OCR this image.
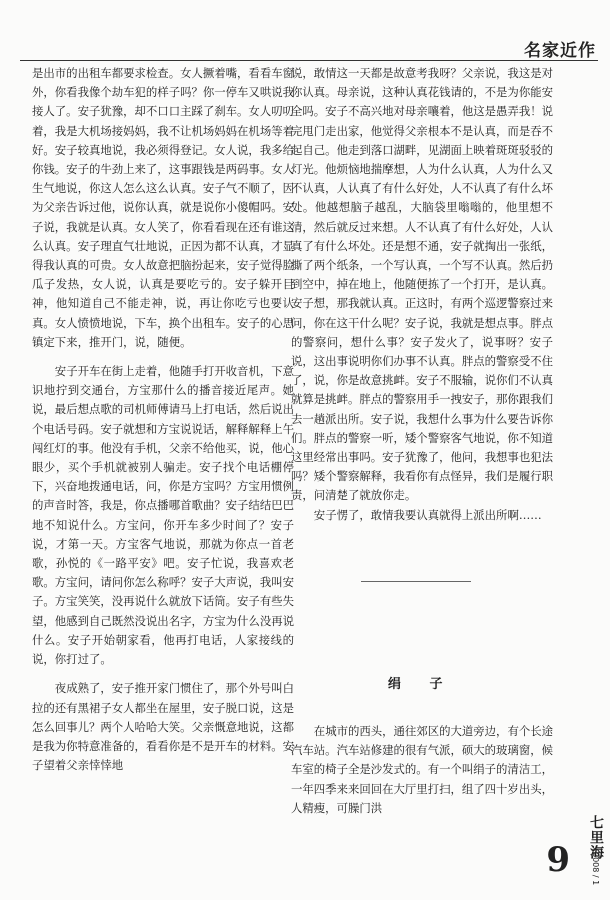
名家近作

是出市的出租车都要求检查。女人撅着嘴，看看车窗外，你看我像个劫车犯的样子吗？你一停车又哄说我接人了。安子犹豫，却不口口主踩了刹车。女人叨叨着，我是大机场接妈妈，我不让机场妈妈在机场等着好。安子较真地说，我必须得登记。女人说，我多给你钱。安子的牛劲上来了，这事跟钱是两码事。女人生气地说，你这人怎么这么认真。安子气不顺了，因为父亲告诉过他，说你认真，就是说你小傻帽吗。安子说，我就是认真。女人笑了，你看看现在还有谁这么认真。安子理直气壮地说，正因为都不认真，才显得我认真的可贵。女人故意把脑扮起来，安子觉得脸瓜子发热，女人说，认真是要吃亏的。安子躲开目神，他知道自己不能走神，说，再让你吃亏也要认真。女人愤愤地说，下车，换个出租车。安子的心思镇定下来，推开门，说，随便。

安子开车在街上走着，他随手打开收音机，下意识地拧到交通台，方宝那什么的播音接近尾声。她说，最后想点歌的司机师傅请马上打电话，然后说出个电话号码。安子就想和方宝说说话，解释解释上午闯红灯的事。他没有手机，父亲不给他买，说，他心眼少，买个手机就被别人骗走。安子找个电话棚停下，兴奋地拨通电话，问，你是方宝吗？方宝用惯例的声音时答，我是，你点播哪首歌曲？安子结结巴巴地不知说什么。方宝问，你开车多少时间了？安子说，才第一天。方宝客气地说，那就为你点一首老歌，孙悦的《一路平安》吧。安子忙说，我喜欢老歌。方宝问，请问你怎么称呼？安子大声说，我叫安子。方宝笑笑，没再说什么就放下话筒。安子有些失望，他感到自己既然没说出名字，方宝为什么没再说什么。安子开始朝家看，他再打电话，人家接线的说，你打过了。

夜成熟了，安子推开家门惯住了，那个外号叫白拉的还有黑裙子女人都坐在屋里，安子脱口说，这是怎么回事儿？两个人哈哈大笑。父亲慨意地说，这都是我为你特意准备的，看看你是不是开车的材料。安子望着父亲悻悻地

说，敢情这一天都是故意考我呀？父亲说，我这是对你认真。母亲说，这种认真花钱请的，不是为你能安全吗。安子不高兴地对母亲嚷着，他这是愚弄我！说完甩门走出家，他觉得父亲根本不是认真，而是吞不起自己。他走到落口湖畔，见湖面上映着斑斑驳驳的灯光。他烦恼地揣摩想，人为什么认真，人为什么又不认真，人认真了有什么好处，人不认真了有什么坏处。他越想脑子越乱，大脑袋里嗡嗡的，他里想不清，然后就反过来想。人不认真了有什么好处，人认真了有什么坏处。还是想不通，安子就掏出一张纸，撕了两个纸条，一个写认真，一个写不认真。然后扔到空中，掉在地上，他随便拣了一个打开，是认真。安子想，那我就认真。正这时，有两个巡逻警察过来问，你在这干什么呢？安子说，我就是想点事。胖点的警察问，想什么事？安子发火了，说事呀？安子说，这出事说明你们办事不认真。胖点的警察受不住了，说，你是故意挑衅。安子不服输，说你们不认真就算是挑衅。胖点的警察用手一拽安子，那你跟我们去一趟派出所。安子说，我想什么事为什么要告诉你们。胖点的警察一听，矮个警察客气地说，你不知道这里经常出事吗。安子犹豫了，他问，我想事也犯法吗？矮个警察解释，我看你有点怪异，我们是履行职责，问清楚了就放你走。

安子愣了，敢情我要认真就得上派出所啊……

绢 子

在城市的西头，通往郊区的大道旁边，有个长途汽车站。汽车站修建的很有气派，硕大的玻璃窗，候车室的椅子全是沙发式的。有一个叫绢子的清洁工，一年四季来来回回在大厅里打扫，组了四十岁出头，人精瘦，可臊门洪

七里海
2008 / 1
9
